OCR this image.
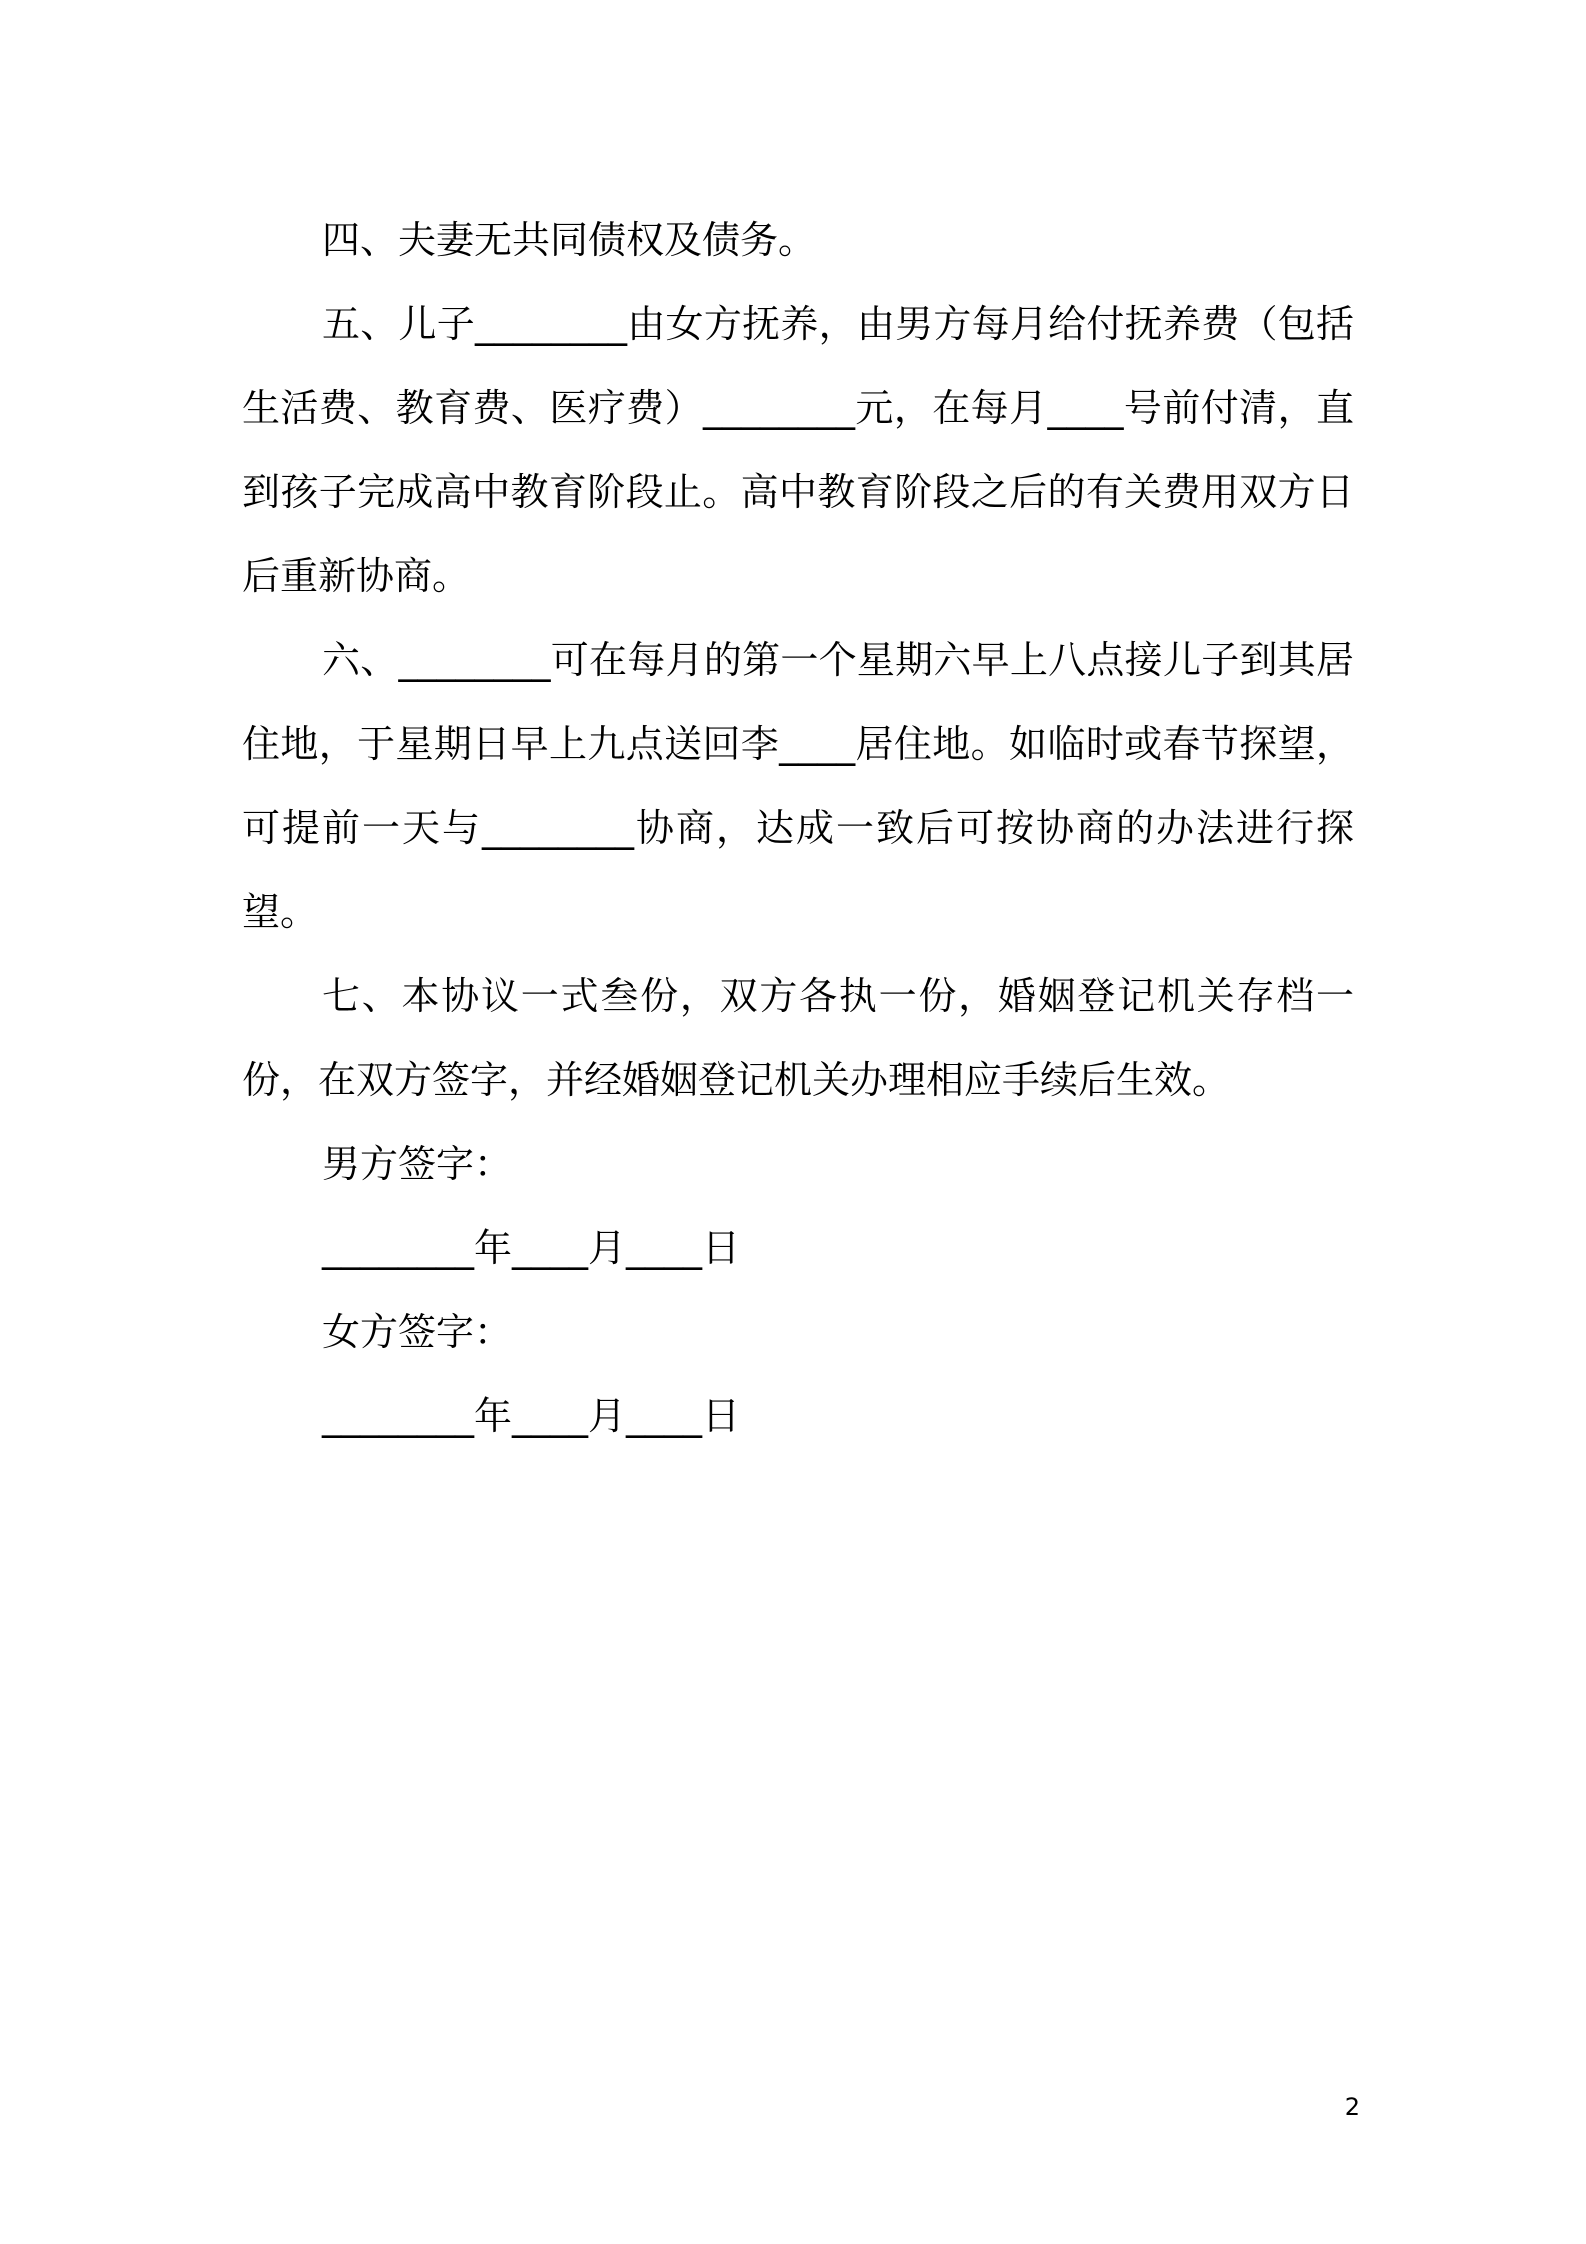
四、夫妻无共同债权及债务。

五、儿子________由女方抚养，由男方每月给付抚养费（包括生活费、教育费、医疗费）________元，在每月____号前付清，直到孩子完成高中教育阶段止。高中教育阶段之后的有关费用双方日后重新协商。

六、________可在每月的第一个星期六早上八点接儿子到其居住地，于星期日早上九点送回李____居住地。如临时或春节探望，可提前一天与________协商，达成一致后可按协商的办法进行探望。

七、本协议一式叁份，双方各执一份，婚姻登记机关存档一份，在双方签字，并经婚姻登记机关办理相应手续后生效。

男方签字：

________年____月____日

女方签字：

________年____月____日

2
